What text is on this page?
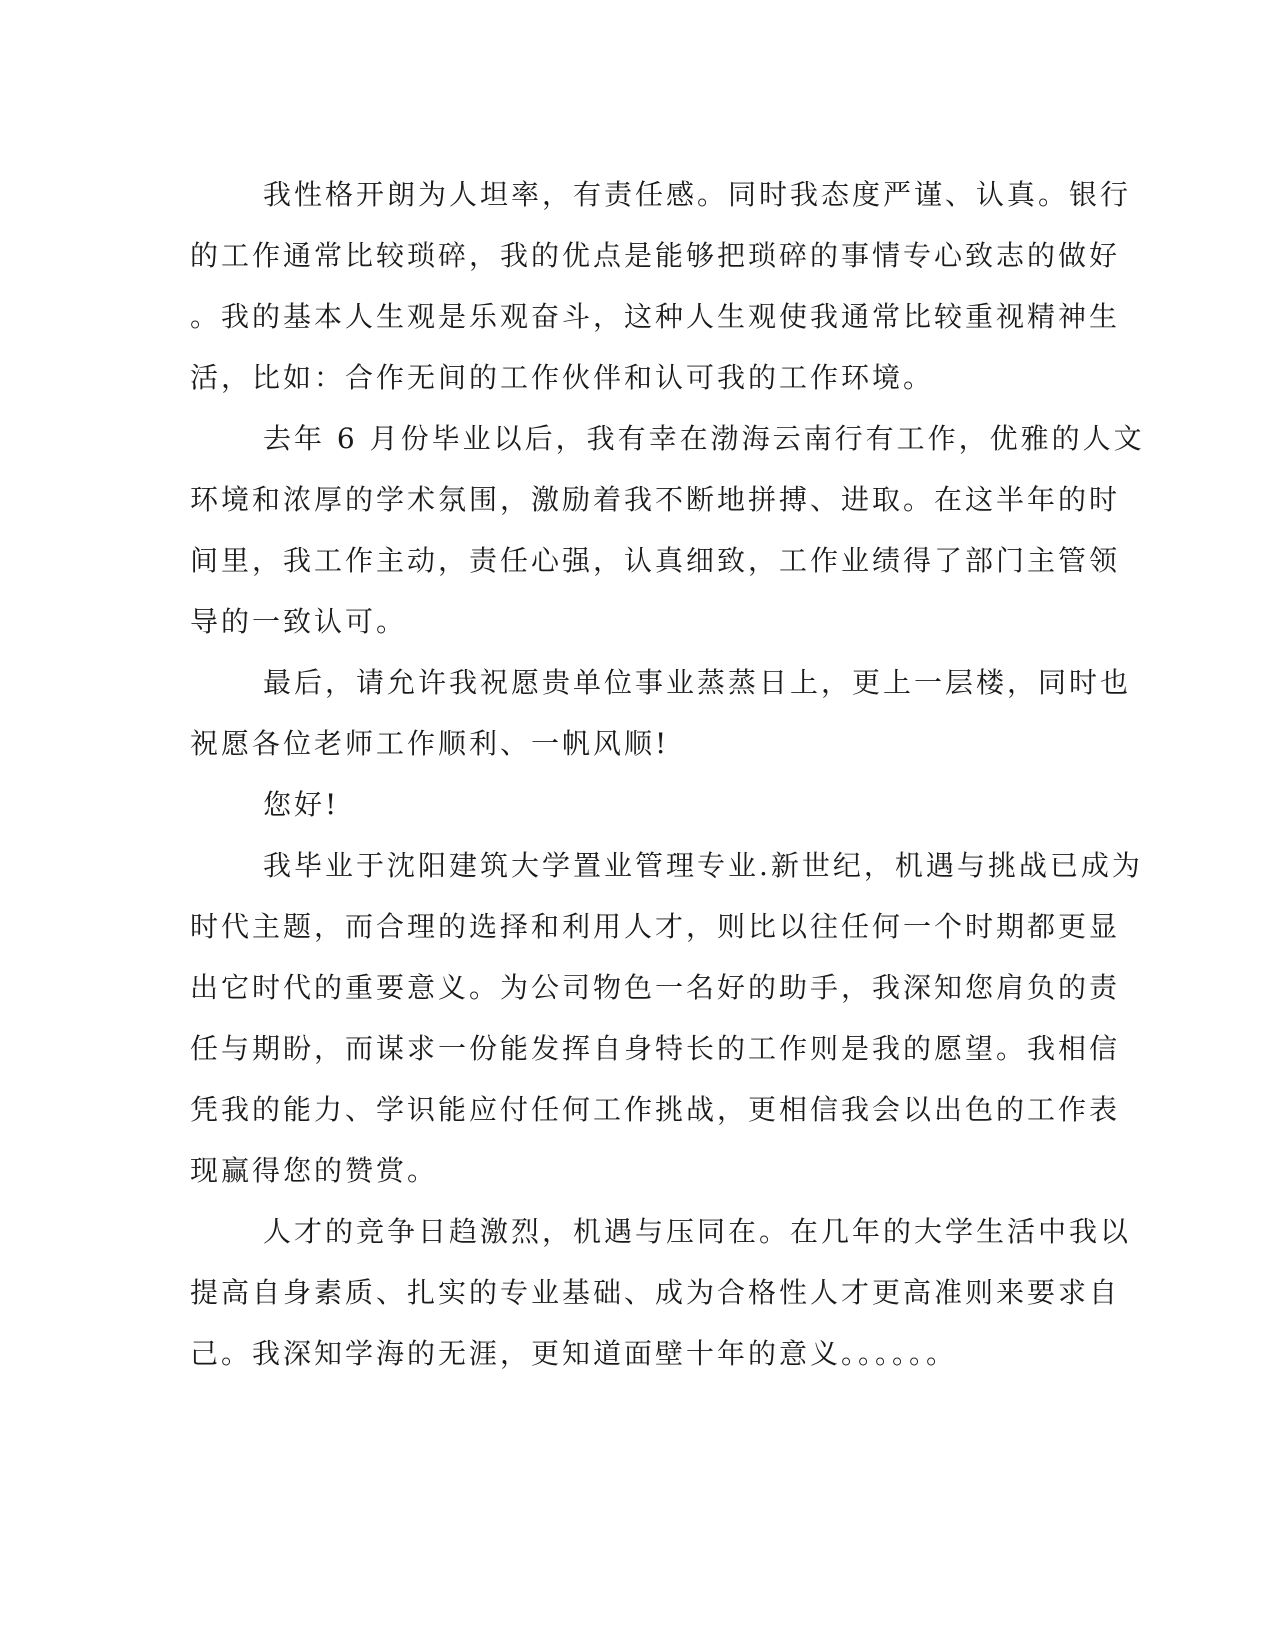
我性格开朗为人坦率，有责任感。同时我态度严谨、认真。银行
的工作通常比较琐碎，我的优点是能够把琐碎的事情专心致志的做好
。我的基本人生观是乐观奋斗，这种人生观使我通常比较重视精神生
活，比如：合作无间的工作伙伴和认可我的工作环境。
去年 6 月份毕业以后，我有幸在渤海云南行有工作，优雅的人文
环境和浓厚的学术氛围，激励着我不断地拼搏、进取。在这半年的时
间里，我工作主动，责任心强，认真细致，工作业绩得了部门主管领
导的一致认可。
最后，请允许我祝愿贵单位事业蒸蒸日上，更上一层楼，同时也
祝愿各位老师工作顺利、一帆风顺!
您好!
我毕业于沈阳建筑大学置业管理专业.新世纪，机遇与挑战已成为
时代主题，而合理的选择和利用人才，则比以往任何一个时期都更显
出它时代的重要意义。为公司物色一名好的助手，我深知您肩负的责
任与期盼，而谋求一份能发挥自身特长的工作则是我的愿望。我相信
凭我的能力、学识能应付任何工作挑战，更相信我会以出色的工作表
现赢得您的赞赏。
人才的竞争日趋激烈，机遇与压同在。在几年的大学生活中我以
提高自身素质、扎实的专业基础、成为合格性人才更高准则来要求自
己。我深知学海的无涯，更知道面壁十年的意义。。。。。。
